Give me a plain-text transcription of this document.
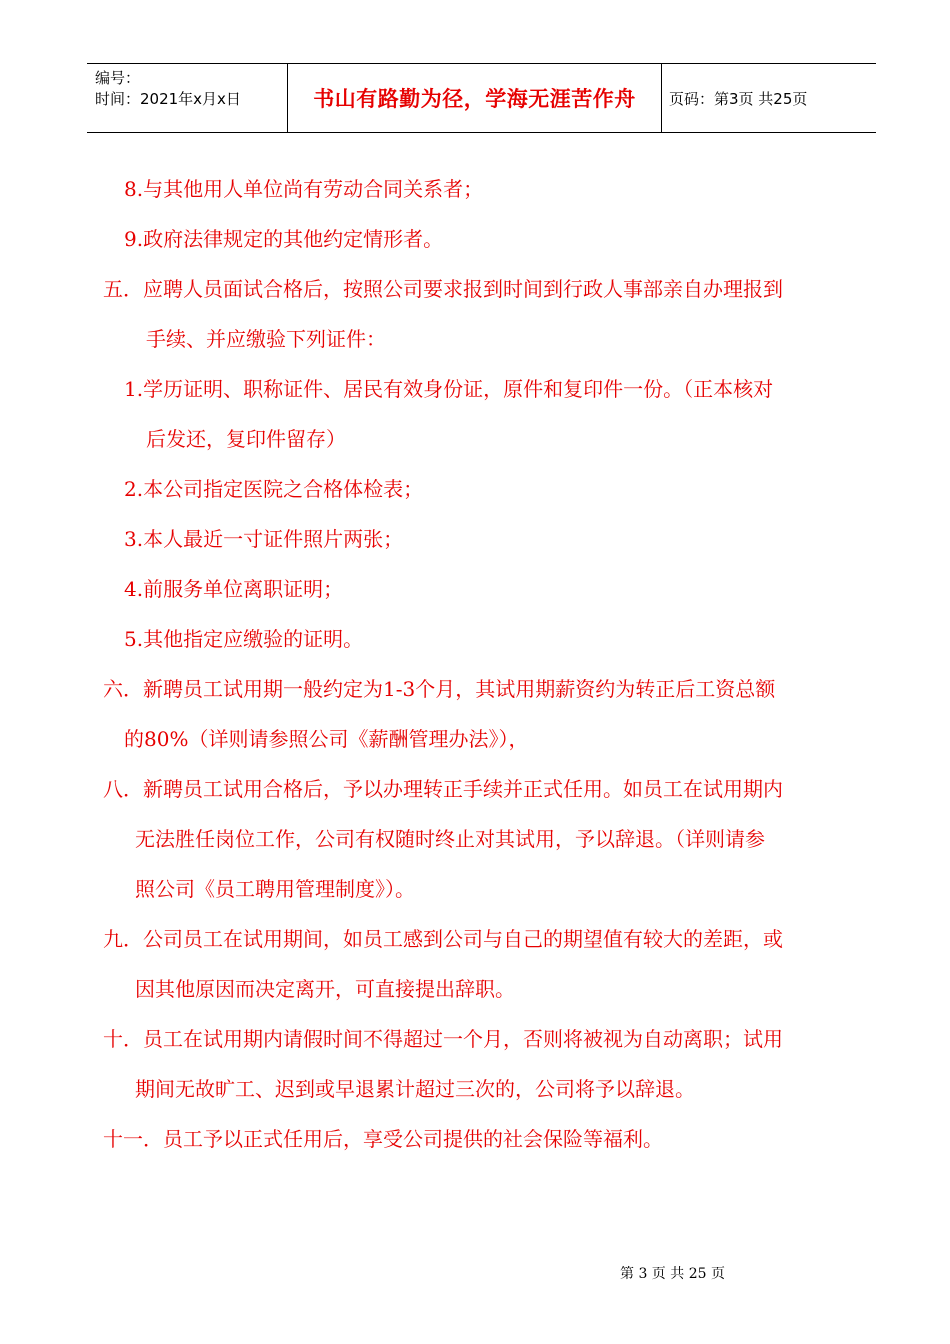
编号：
时间：2021年x月x日	书山有路勤为径，学海无涯苦作舟	页码：第3页 共25页
8.与其他用人单位尚有劳动合同关系者；
9.政府法律规定的其他约定情形者。
五．应聘人员面试合格后，按照公司要求报到时间到行政人事部亲自办理报到
手续、并应缴验下列证件：
1.学历证明、职称证件、居民有效身份证，原件和复印件一份。（正本核对
后发还，复印件留存）
2.本公司指定医院之合格体检表；
3.本人最近一寸证件照片两张；
4.前服务单位离职证明；
5.其他指定应缴验的证明。
六．新聘员工试用期一般约定为1-3个月，其试用期薪资约为转正后工资总额
的80%（详则请参照公司《薪酬管理办法》），
八．新聘员工试用合格后，予以办理转正手续并正式任用。如员工在试用期内
无法胜任岗位工作，公司有权随时终止对其试用，予以辞退。（详则请参
照公司《员工聘用管理制度》）。
九．公司员工在试用期间，如员工感到公司与自己的期望值有较大的差距，或
因其他原因而决定离开，可直接提出辞职。
十．员工在试用期内请假时间不得超过一个月，否则将被视为自动离职；试用
期间无故旷工、迟到或早退累计超过三次的，公司将予以辞退。
十一．员工予以正式任用后，享受公司提供的社会保险等福利。
第 3 页 共 25 页
